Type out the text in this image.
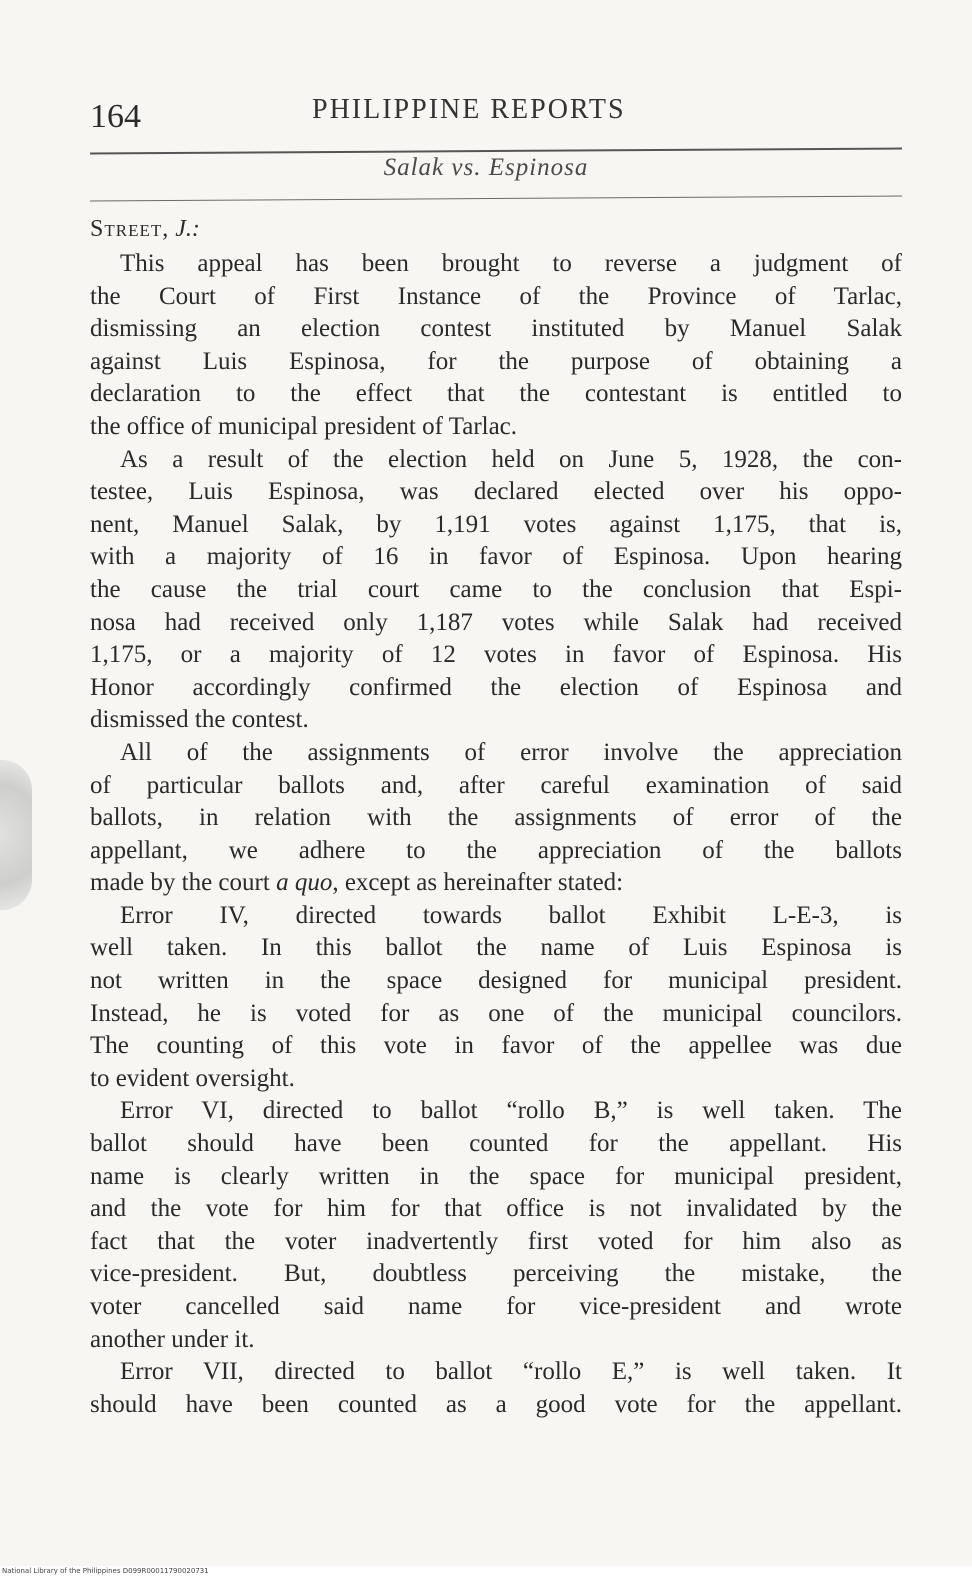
164	PHILIPPINE REPORTS
Salak vs. Espinosa
Street, J.:

This appeal has been brought to reverse a judgment of
the Court of First Instance of the Province of Tarlac,
dismissing an election contest instituted by Manuel Salak
against Luis Espinosa, for the purpose of obtaining a
declaration to the effect that the contestant is entitled to
the office of municipal president of Tarlac.

As a result of the election held on June 5, 1928, the con-
testee, Luis Espinosa, was declared elected over his oppo-
nent, Manuel Salak, by 1,191 votes against 1,175, that is,
with a majority of 16 in favor of Espinosa. Upon hearing
the cause the trial court came to the conclusion that Espi-
nosa had received only 1,187 votes while Salak had received
1,175, or a majority of 12 votes in favor of Espinosa. His
Honor accordingly confirmed the election of Espinosa and
dismissed the contest.

All of the assignments of error involve the appreciation
of particular ballots and, after careful examination of said
ballots, in relation with the assignments of error of the
appellant, we adhere to the appreciation of the ballots
made by the court a quo, except as hereinafter stated:

Error IV, directed towards ballot Exhibit L-E-3, is
well taken. In this ballot the name of Luis Espinosa is
not written in the space designed for municipal president.
Instead, he is voted for as one of the municipal councilors.
The counting of this vote in favor of the appellee was due
to evident oversight.

Error VI, directed to ballot “rollo B,” is well taken. The
ballot should have been counted for the appellant. His
name is clearly written in the space for municipal president,
and the vote for him for that office is not invalidated by the
fact that the voter inadvertently first voted for him also as
vice-president. But, doubtless perceiving the mistake, the
voter cancelled said name for vice-president and wrote
another under it.

Error VII, directed to ballot “rollo E,” is well taken. It
should have been counted as a good vote for the appellant.

National Library of the Philippines D099R00011790020731
